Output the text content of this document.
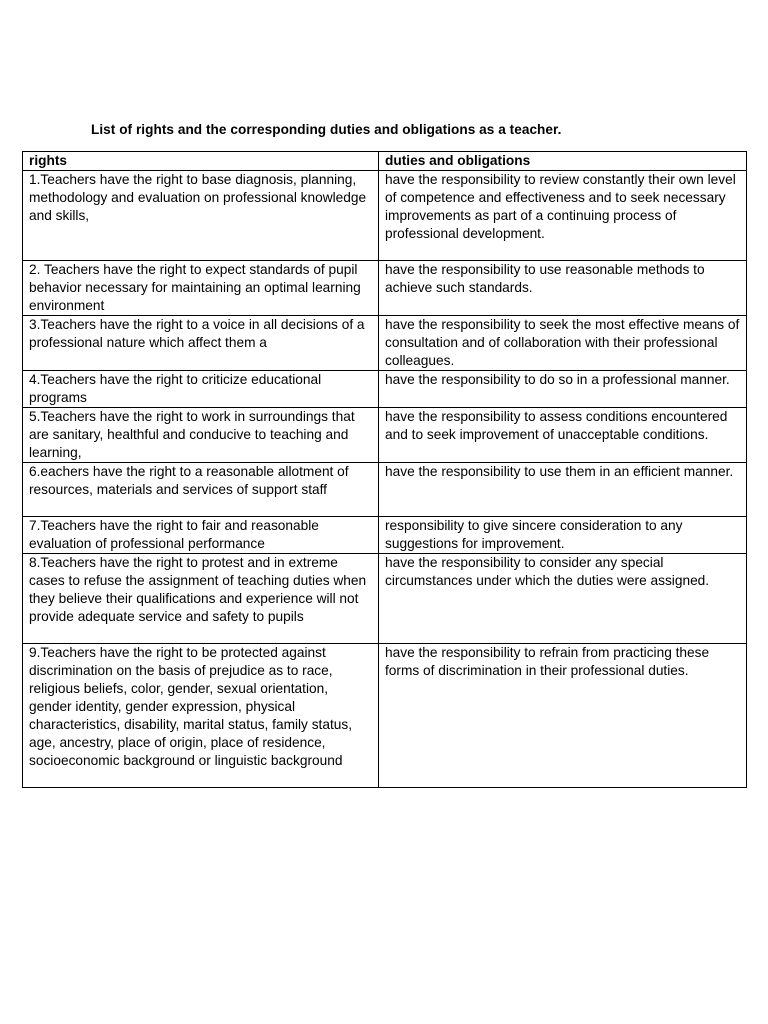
List of rights and the corresponding duties and obligations as a teacher.
rights	duties and obligations

1.Teachers have the right to base diagnosis, planning, methodology and evaluation on professional knowledge and skills,	have the responsibility to review constantly their own level of competence and effectiveness and to seek necessary improvements as part of a continuing process of professional development.

2. Teachers have the right to expect standards of pupil behavior necessary for maintaining an optimal learning environment	have the responsibility to use reasonable methods to achieve such standards.

3.Teachers have the right to a voice in all decisions of a professional nature which affect them a	have the responsibility to seek the most effective means of consultation and of collaboration with their professional colleagues.

4.Teachers have the right to criticize educational programs	have the responsibility to do so in a professional manner.

5.Teachers have the right to work in surroundings that are sanitary, healthful and conducive to teaching and learning,	have the responsibility to assess conditions encountered and to seek improvement of unacceptable conditions.

6.eachers have the right to a reasonable allotment of resources, materials and services of support staff	have the responsibility to use them in an efficient manner.

7.Teachers have the right to fair and reasonable evaluation of professional performance	responsibility to give sincere consideration to any suggestions for improvement.

8.Teachers have the right to protest and in extreme cases to refuse the assignment of teaching duties when they believe their qualifications and experience will not provide adequate service and safety to pupils	have the responsibility to consider any special circumstances under which the duties were assigned.

9.Teachers have the right to be protected against discrimination on the basis of prejudice as to race, religious beliefs, color, gender, sexual orientation, gender identity, gender expression, physical characteristics, disability, marital status, family status, age, ancestry, place of origin, place of residence, socioeconomic background or linguistic background	have the responsibility to refrain from practicing these forms of discrimination in their professional duties.
